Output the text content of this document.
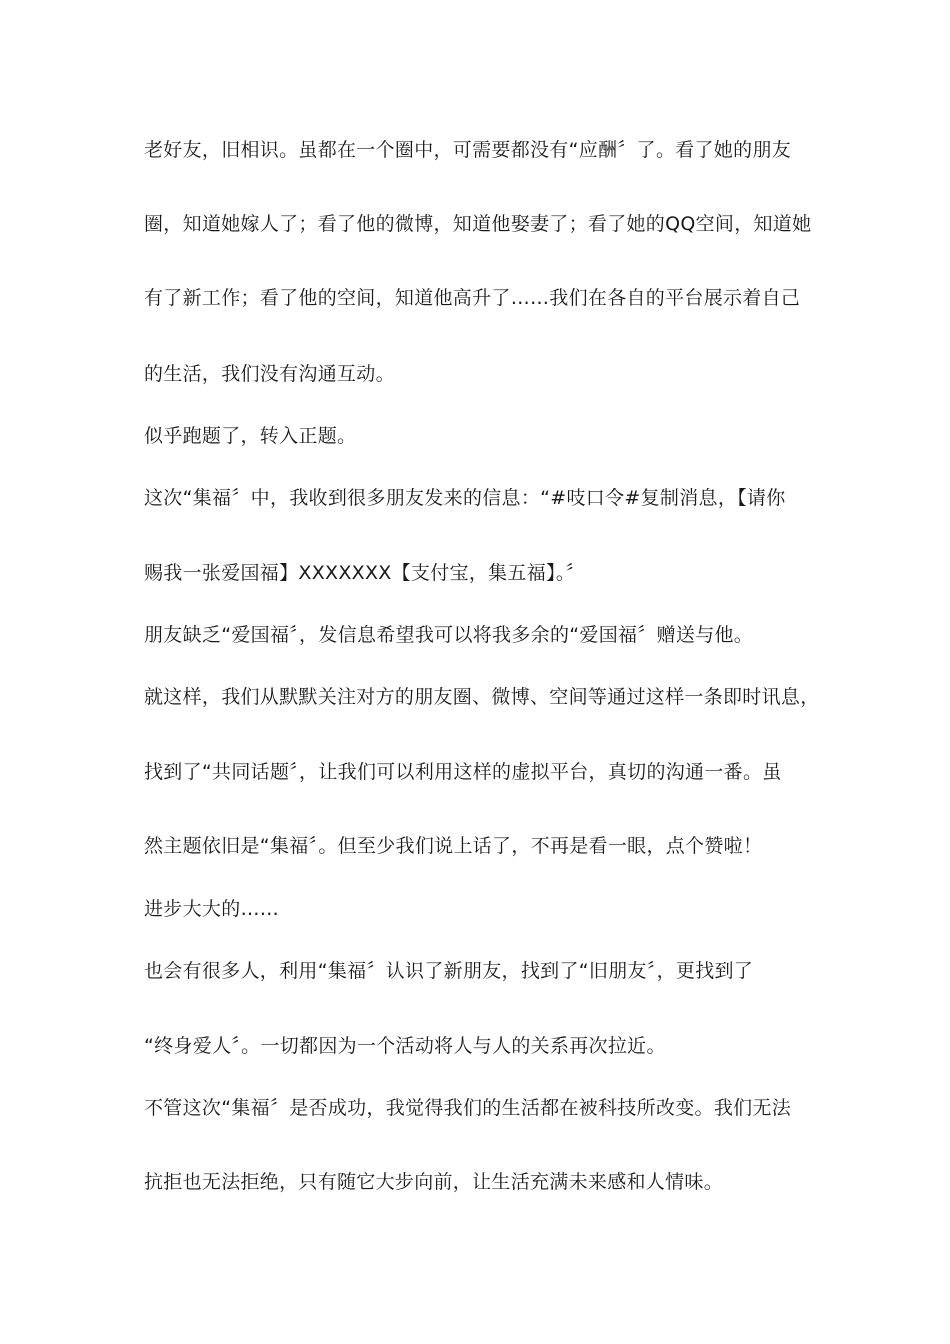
老好友，旧相识。虽都在一个圈中，可需要都没有“应酬〞了。看了她的朋友
圈，知道她嫁人了；看了他的微博，知道他娶妻了；看了她的QQ空间，知道她
有了新工作；看了他的空间，知道他高升了……我们在各自的平台展示着自己
的生活，我们没有沟通互动。
似乎跑题了，转入正题。
这次“集福〞中，我收到很多朋友发来的信息：“#吱口令#复制消息，【请你
赐我一张爱国福】XXXXXXX【支付宝，集五福】。〞
朋友缺乏“爱国福〞，发信息希望我可以将我多余的“爱国福〞赠送与他。
就这样，我们从默默关注对方的朋友圈、微博、空间等通过这样一条即时讯息，
找到了“共同话题〞，让我们可以利用这样的虚拟平台，真切的沟通一番。虽
然主题依旧是“集福〞。但至少我们说上话了，不再是看一眼，点个赞啦！
进步大大的……
也会有很多人，利用“集福〞认识了新朋友，找到了“旧朋友〞，更找到了
“终身爱人〞。一切都因为一个活动将人与人的关系再次拉近。
不管这次“集福〞是否成功，我觉得我们的生活都在被科技所改变。我们无法
抗拒也无法拒绝，只有随它大步向前，让生活充满未来感和人情味。
